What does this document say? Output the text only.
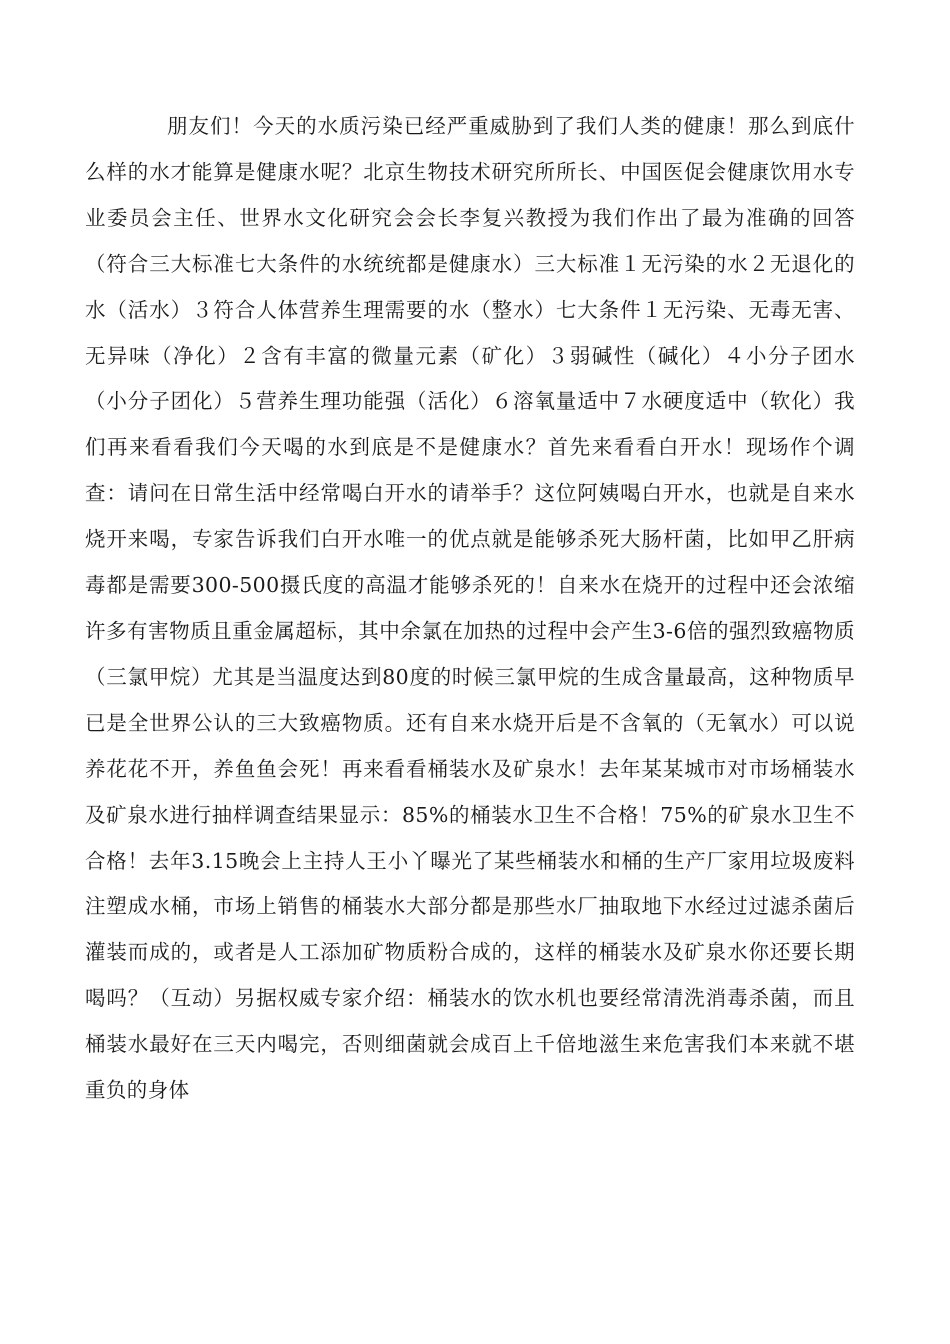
朋友们！今天的水质污染已经严重威胁到了我们人类的健康！那么到底什么样的水才能算是健康水呢？北京生物技术研究所所长、中国医促会健康饮用水专业委员会主任、世界水文化研究会会长李复兴教授为我们作出了最为准确的回答（符合三大标准七大条件的水统统都是健康水）三大标准１无污染的水２无退化的水（活水）３符合人体营养生理需要的水（整水）七大条件１无污染、无毒无害、无异味（净化）２含有丰富的微量元素（矿化）３弱碱性（碱化）４小分子团水（小分子团化）５营养生理功能强（活化）６溶氧量适中７水硬度适中（软化）我们再来看看我们今天喝的水到底是不是健康水？首先来看看白开水！现场作个调查：请问在日常生活中经常喝白开水的请举手？这位阿姨喝白开水，也就是自来水烧开来喝，专家告诉我们白开水唯一的优点就是能够杀死大肠杆菌，比如甲乙肝病毒都是需要300-500摄氏度的高温才能够杀死的！自来水在烧开的过程中还会浓缩许多有害物质且重金属超标，其中余氯在加热的过程中会产生3-6倍的强烈致癌物质（三氯甲烷）尤其是当温度达到80度的时候三氯甲烷的生成含量最高，这种物质早已是全世界公认的三大致癌物质。还有自来水烧开后是不含氧的（无氧水）可以说养花花不开，养鱼鱼会死！再来看看桶装水及矿泉水！去年某某城市对市场桶装水及矿泉水进行抽样调查结果显示：85%的桶装水卫生不合格！75%的矿泉水卫生不合格！去年3.15晚会上主持人王小丫曝光了某些桶装水和桶的生产厂家用垃圾废料注塑成水桶，市场上销售的桶装水大部分都是那些水厂抽取地下水经过过滤杀菌后灌装而成的，或者是人工添加矿物质粉合成的，这样的桶装水及矿泉水你还要长期喝吗？（互动）另据权威专家介绍：桶装水的饮水机也要经常清洗消毒杀菌，而且桶装水最好在三天内喝完，否则细菌就会成百上千倍地滋生来危害我们本来就不堪重负的身体
